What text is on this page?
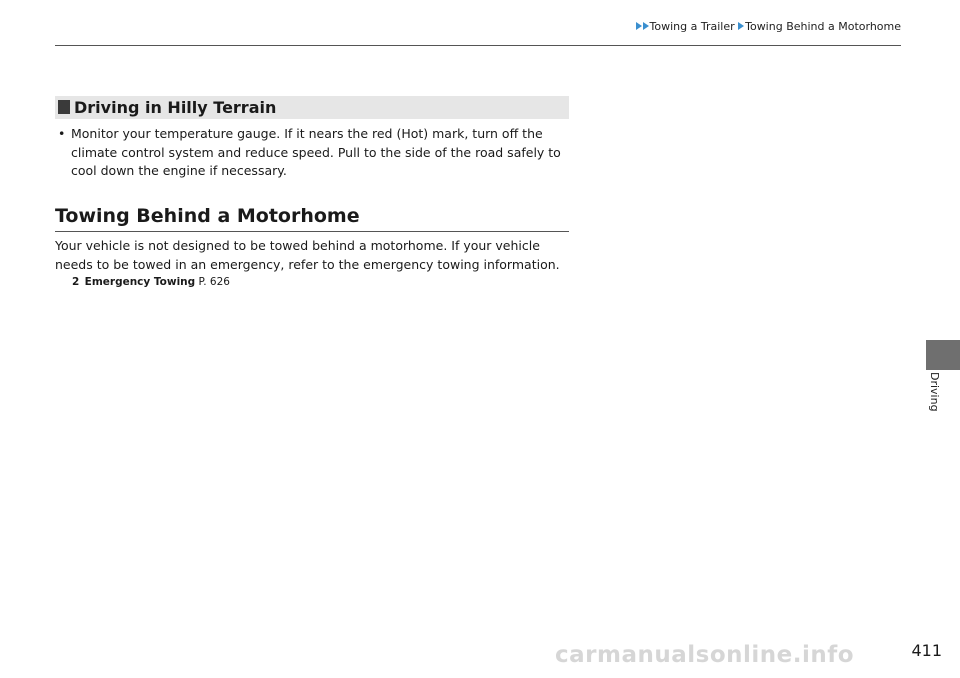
Towing a Trailer Towing Behind a Motorhome
Driving in Hilly Terrain
• Monitor your temperature gauge. If it nears the red (Hot) mark, turn off the climate control system and reduce speed. Pull to the side of the road safely to cool down the engine if necessary.
Towing Behind a Motorhome
Your vehicle is not designed to be towed behind a motorhome. If your vehicle needs to be towed in an emergency, refer to the emergency towing information.
2 Emergency Towing P. 626
Driving
carmanualsonline.info	411
